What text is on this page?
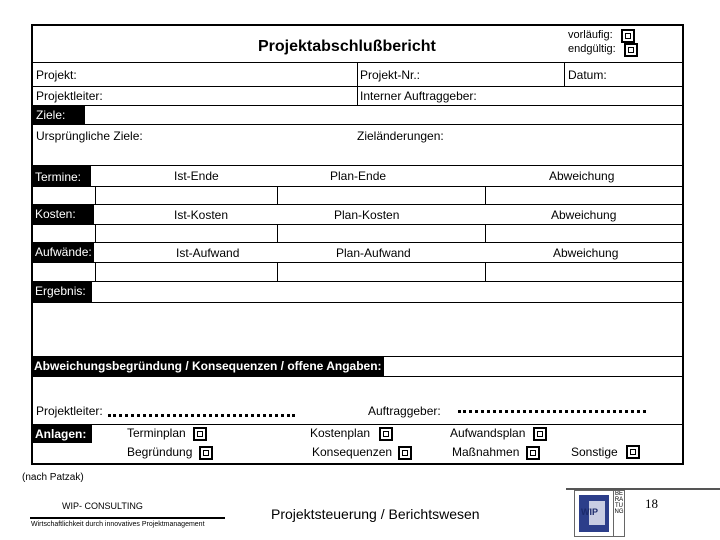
Projektabschlußbericht
vorläufig:
endgültig:
Projekt:	Projekt-Nr.:	Datum:
Projektleiter:	Interner Auftraggeber:
Ziele:
Ursprüngliche Ziele:	Zieländerungen:
Termine:	Ist-Ende	Plan-Ende	Abweichung
Kosten:	Ist-Kosten	Plan-Kosten	Abweichung
Aufwände:	Ist-Aufwand	Plan-Aufwand	Abweichung
Ergebnis:
Abweichungsbegründung / Konsequenzen / offene Angaben:
Projektleiter:	Auftraggeber:
Anlagen:	Terminplan	Kostenplan	Aufwandsplan
Begründung	Konsequenzen	Maßnahmen	Sonstige
(nach Patzak)
WIP- CONSULTING
Wirtschaftlichkeit durch innovatives Projektmanagement
Projektsteuerung / Berichtswesen	WIP
BERATUNG
18
